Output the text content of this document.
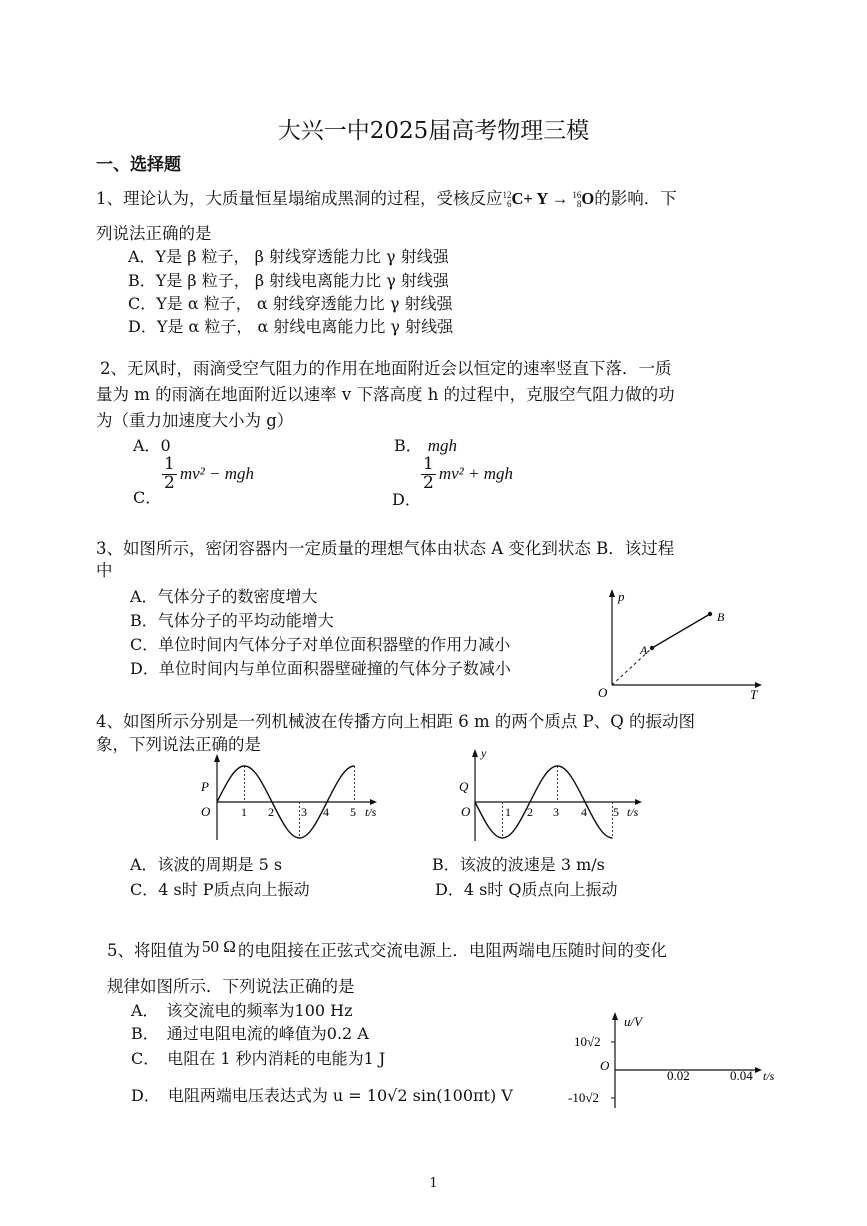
大兴一中2025届高考物理三模
一、选择题
1、理论认为，大质量恒星塌缩成黑洞的过程，受核反应 12
6 C+ Y → 16
8 O的影响．下
列说法正确的是
A．Y是 β 粒子， β 射线穿透能力比 γ 射线强
B．Y是 β 粒子， β 射线电离能力比 γ 射线强
C．Y是 α 粒子， α 射线穿透能力比 γ 射线强
D．Y是 α 粒子， α 射线电离能力比 γ 射线强
2、无风时，雨滴受空气阻力的作用在地面附近会以恒定的速率竖直下落．一质
量为 m 的雨滴在地面附近以速率 v 下落高度 h 的过程中，克服空气阻力做的功
为（重力加速度大小为 g）
A．0	B． mgh
C．
$\frac{1}{2} mv^2$ − mgh
D．
$\frac{1}{2} mv^2$ + mgh
3、如图所示，密闭容器内一定质量的理想气体由状态 A 变化到状态 B．该过程
中
A．气体分子的数密度增大
B．气体分子的平均动能增大
C．单位时间内气体分子对单位面积器壁的作用力减小
D．单位时间内与单位面积器壁碰撞的气体分子数减小
p
T
O
A
B
4、如图所示分别是一列机械波在传播方向上相距 6 m 的两个质点 P、Q 的振动图
象，下列说法正确的是
P
O	1 2 3 4 5 t/s
y
Q
O	1 2 3 4 5 t/s
A．该波的周期是 5 s	B．该波的波速是 3 m/s
C．4 s时 P质点向上振动	D．4 s时 Q质点向上振动
5、将阻值为 50 Ω 的电阻接在正弦式交流电源上．电阻两端电压随时间的变化
规律如图所示．下列说法正确的是
A．　该交流电的频率为100 Hz
B．　通过电阻电流的峰值为0.2 A
C．　电阻在 1 秒内消耗的电能为1 J
D．　电阻两端电压表达式为 u = 10√2 sin(100πt) V
u/V
10√2
O
-10√2
0.02	0.04 t/s
1
